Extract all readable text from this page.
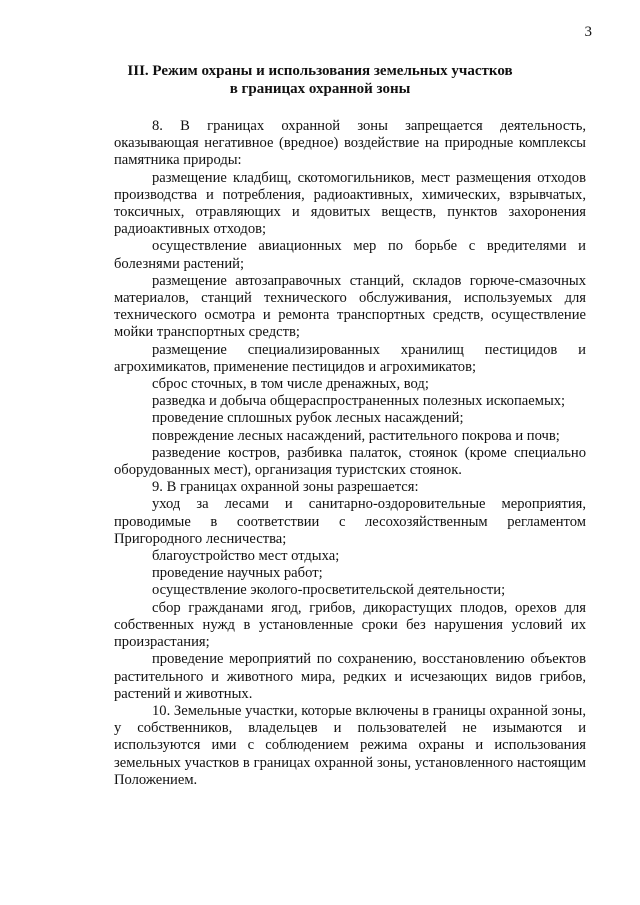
3
III. Режим охраны и использования земельных участков
в границах охранной зоны

8. В границах охранной зоны запрещается деятельность, оказывающая негативное (вредное) воздействие на природные комплексы памятника природы:

размещение кладбищ, скотомогильников, мест размещения отходов производства и потребления, радиоактивных, химических, взрывчатых, токсичных, отравляющих и ядовитых веществ, пунктов захоронения радиоактивных отходов;

осуществление авиационных мер по борьбе с вредителями и болезнями растений;

размещение автозаправочных станций, складов горюче-смазочных материалов, станций технического обслуживания, используемых для технического осмотра и ремонта транспортных средств, осуществление мойки транспортных средств;

размещение специализированных хранилищ пестицидов и агрохимикатов, применение пестицидов и агрохимикатов;

сброс сточных, в том числе дренажных, вод;

разведка и добыча общераспространенных полезных ископаемых;

проведение сплошных рубок лесных насаждений;

повреждение лесных насаждений, растительного покрова и почв;

разведение костров, разбивка палаток, стоянок (кроме специально оборудованных мест), организация туристских стоянок.

9. В границах охранной зоны разрешается:

уход за лесами и санитарно-оздоровительные мероприятия, проводимые в соответствии с лесохозяйственным регламентом Пригородного лесничества;

благоустройство мест отдыха;

проведение научных работ;

осуществление эколого-просветительской деятельности;

сбор гражданами ягод, грибов, дикорастущих плодов, орехов для собственных нужд в установленные сроки без нарушения условий их произрастания;

проведение мероприятий по сохранению, восстановлению объектов растительного и животного мира, редких и исчезающих видов грибов, растений и животных.

10. Земельные участки, которые включены в границы охранной зоны, у собственников, владельцев и пользователей не изымаются и используются ими с соблюдением режима охраны и использования земельных участков в границах охранной зоны, установленного настоящим Положением.
